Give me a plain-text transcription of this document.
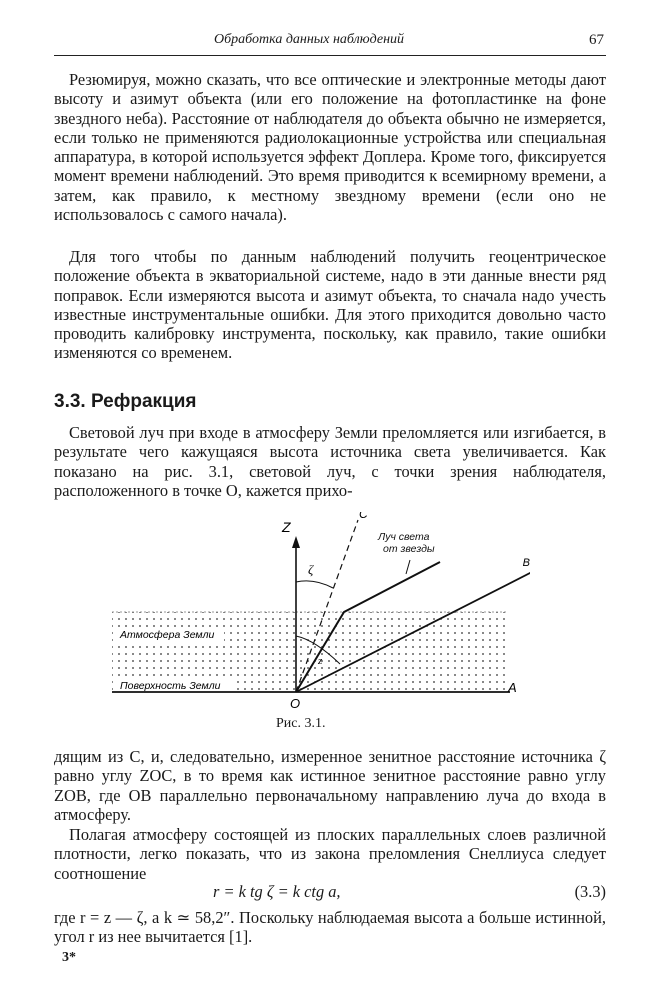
Обработка данных наблюдений	67

Резюмируя, можно сказать, что все оптические и электронные методы дают высоту и азимут объекта (или его положение на фотопластинке на фоне звездного неба). Расстояние от наблюдателя до объекта обычно не измеряется, если только не применяются радиолокационные устройства или специальная аппаратура, в которой используется эффект Доплера. Кроме того, фиксируется момент времени наблюдений. Это время приводится к всемирному времени, а затем, как правило, к местному звездному времени (если оно не использовалось с самого начала).

Для того чтобы по данным наблюдений получить геоцентрическое положение объекта в экваториальной системе, надо в эти данные внести ряд поправок. Если измеряются высота и азимут объекта, то сначала надо учесть известные инструментальные ошибки. Для этого приходится довольно часто проводить калибровку инструмента, поскольку, как правило, такие ошибки изменяются со временем.

3.3. Рефракция

Световой луч при входе в атмосферу Земли преломляется или изгибается, в результате чего кажущаяся высота источника света увеличивается. Как показано на рис. 3.1, световой луч, с точки зрения наблюдателя, расположенного в точке O, кажется прихо-

Z
C
B
A
O
ζ
z
Луч света от звезды
Атмосфера Земли
Поверхность Земли
Рис. 3.1.

дящим из C, и, следовательно, измеренное зенитное расстояние источника ζ равно углу ZOC, в то время как истинное зенитное расстояние равно углу ZOB, где OB параллельно первоначальному направлению луча до входа в атмосферу.

Полагая атмосферу состоящей из плоских параллельных слоев различной плотности, легко показать, что из закона преломления Снеллиуса следует соотношение

r = k tg ζ = k ctg a,	(3.3)

где r = z — ζ, а k ≃ 58,2″. Поскольку наблюдаемая высота a больше истинной, угол r из нее вычитается [1].

3*
